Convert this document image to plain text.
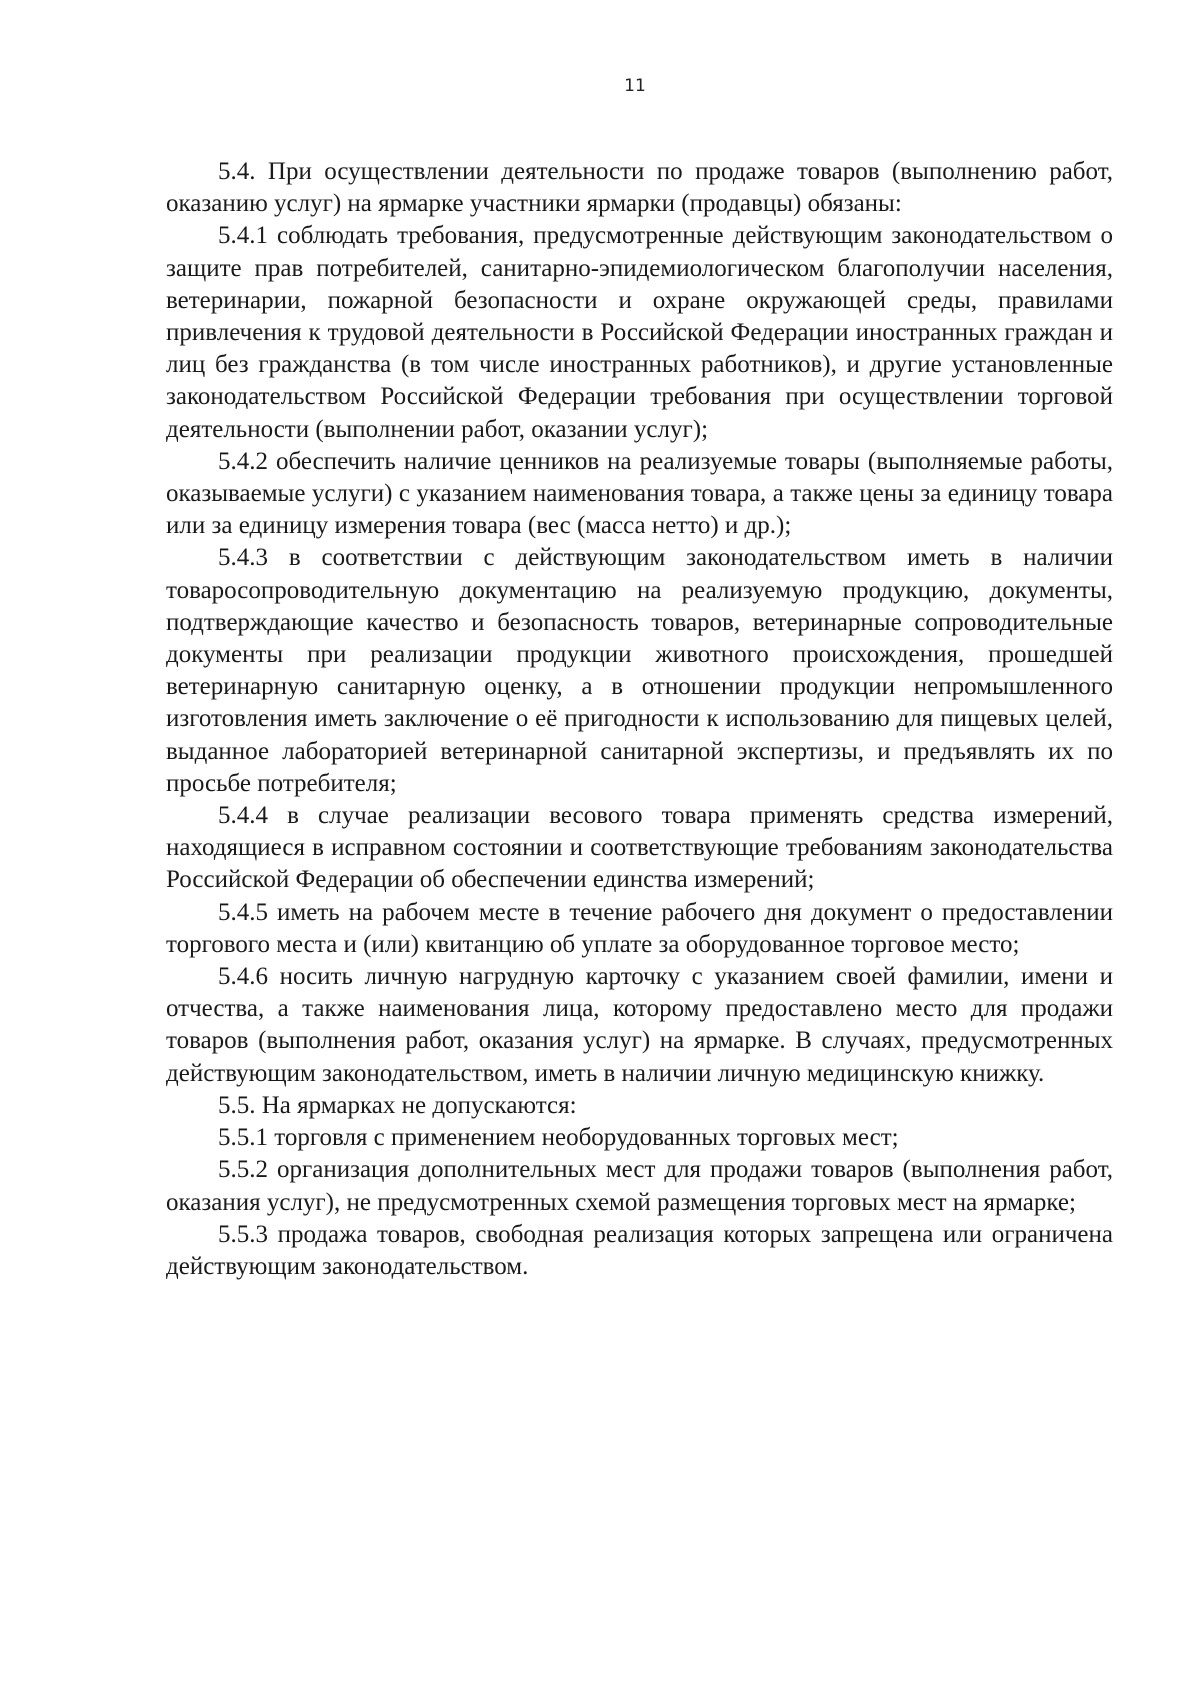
11

5.4. При осуществлении деятельности по продаже товаров (выполнению работ, оказанию услуг) на ярмарке участники ярмарки (продавцы) обязаны:

5.4.1 соблюдать требования, предусмотренные действующим законодательством о защите прав потребителей, санитарно-эпидемиологическом благополучии населения, ветеринарии, пожарной безопасности и охране окружающей среды, правилами привлечения к трудовой деятельности в Российской Федерации иностранных граждан и лиц без гражданства (в том числе иностранных работников), и другие установленные законодательством Российской Федерации требования при осуществлении торговой деятельности (выполнении работ, оказании услуг);

5.4.2 обеспечить наличие ценников на реализуемые товары (выполняемые работы, оказываемые услуги) с указанием наименования товара, а также цены за единицу товара или за единицу измерения товара (вес (масса нетто) и др.);

5.4.3 в соответствии с действующим законодательством иметь в наличии товаросопроводительную документацию на реализуемую продукцию, документы, подтверждающие качество и безопасность товаров, ветеринарные сопроводительные документы при реализации продукции животного происхождения, прошедшей ветеринарную санитарную оценку, а в отношении продукции непромышленного изготовления иметь заключение о её пригодности к использованию для пищевых целей, выданное лабораторией ветеринарной санитарной экспертизы, и предъявлять их по просьбе потребителя;

5.4.4 в случае реализации весового товара применять средства измерений, находящиеся в исправном состоянии и соответствующие требованиям законодательства Российской Федерации об обеспечении единства измерений;

5.4.5 иметь на рабочем месте в течение рабочего дня документ о предоставлении торгового места и (или) квитанцию об уплате за оборудованное торговое место;

5.4.6 носить личную нагрудную карточку с указанием своей фамилии, имени и отчества, а также наименования лица, которому предоставлено место для продажи товаров (выполнения работ, оказания услуг) на ярмарке. В случаях, предусмотренных действующим законодательством, иметь в наличии личную медицинскую книжку.

5.5. На ярмарках не допускаются:

5.5.1 торговля с применением необорудованных торговых мест;

5.5.2 организация дополнительных мест для продажи товаров (выполнения работ, оказания услуг), не предусмотренных схемой размещения торговых мест на ярмарке;

5.5.3 продажа товаров, свободная реализация которых запрещена или ограничена действующим законодательством.
